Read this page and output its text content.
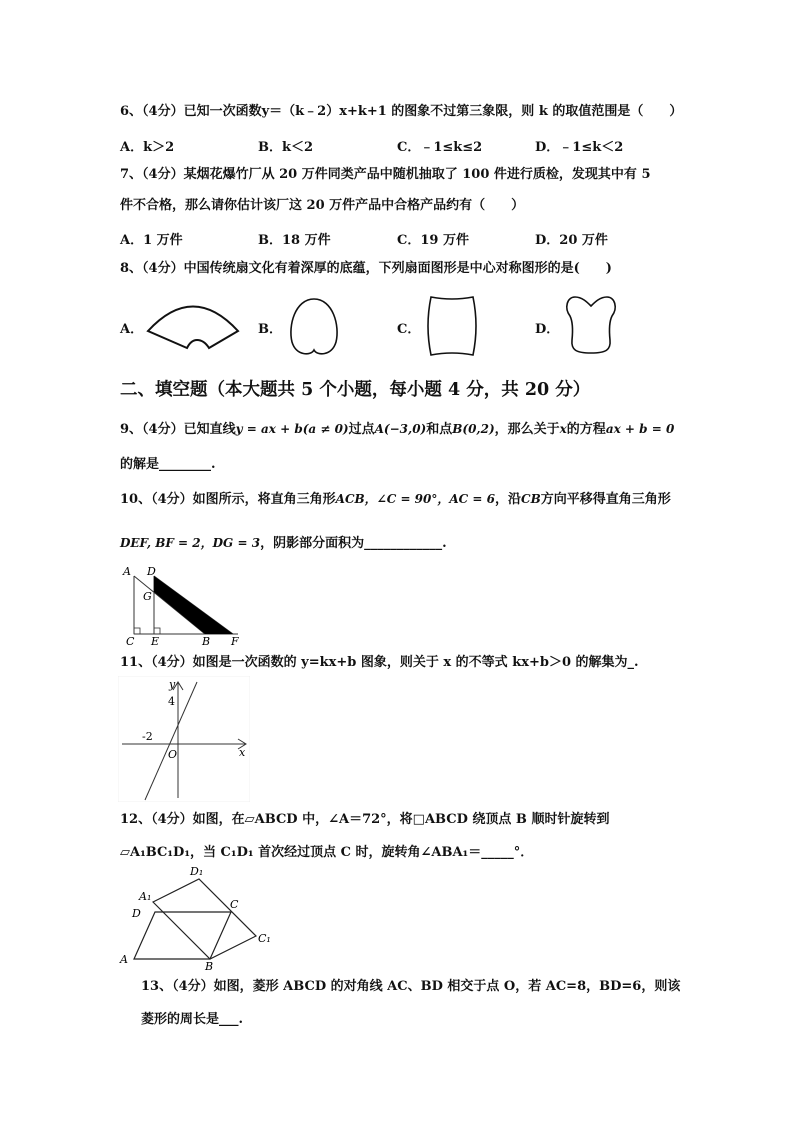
6、（4分）已知一次函数y＝（k﹣2）x+k+1 的图象不过第三象限，则 k 的取值范围是（　　）
A．k＞2	B．k＜2	C．﹣1≤k≤2	D．﹣1≤k＜2
7、（4分）某烟花爆竹厂从 20 万件同类产品中随机抽取了 100 件进行质检，发现其中有 5
件不合格，那么请你估计该厂这 20 万件产品中合格产品约有（　　）
A．1 万件	B．18 万件	C．19 万件	D．20 万件
8、（4分）中国传统扇文化有着深厚的底蕴，下列扇面图形是中心对称图形的是(　　)
A．	B．	C．	D．
二、填空题（本大题共 5 个小题，每小题 4 分，共 20 分）
9、（4分）已知直线y = ax + b(a ≠ 0)过点A(−3,0)和点B(0,2)，那么关于x的方程ax + b = 0
的解是________.
10、（4分）如图所示，将直角三角形ACB，∠C = 90°，AC = 6，沿CB方向平移得直角三角形
DEF, BF = 2，DG = 3，阴影部分面积为____________.
A D
G
C E	B F
11、（4分）如图是一次函数的 y=kx+b 图象，则关于 x 的不等式 kx+b＞0 的解集为_.
y
x
O
4
-2
12、（4分）如图，在▱ABCD 中，∠A＝72°，将□ABCD 绕顶点 B 顺时针旋转到
▱A₁BC₁D₁，当 C₁D₁ 首次经过顶点 C 时，旋转角∠ABA₁＝_____°．
D₁
A₁
D
C
C₁
A
B
13、（4分）如图，菱形 ABCD 的对角线 AC、BD 相交于点 O，若 AC=8，BD=6，则该
菱形的周长是___.
